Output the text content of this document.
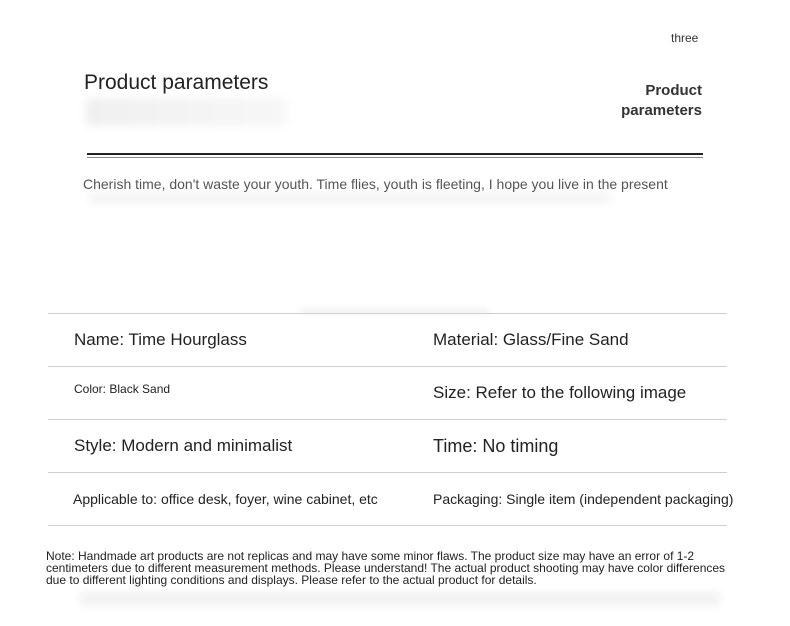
three
Product parameters	Product parameters
Cherish time, don't waste your youth. Time flies, youth is fleeting, I hope you live in the present
Name: Time Hourglass	Material: Glass/Fine Sand
Color: Black Sand	Size: Refer to the following image
Style: Modern and minimalist	Time: No timing
Applicable to: office desk, foyer, wine cabinet, etc	Packaging: Single item (independent packaging)
Note: Handmade art products are not replicas and may have some minor flaws. The product size may have an error of 1-2 centimeters due to different measurement methods. Please understand! The actual product shooting may have color differences due to different lighting conditions and displays. Please refer to the actual product for details.
